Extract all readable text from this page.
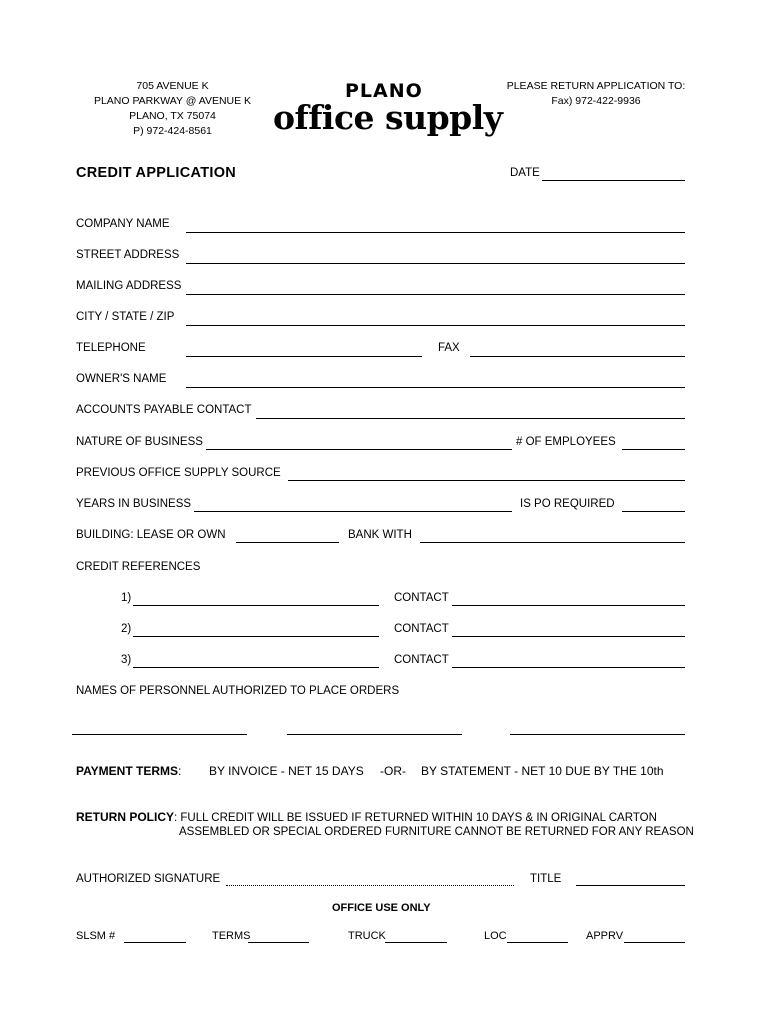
705 AVENUE K
PLANO PARKWAY @ AVENUE K
PLANO, TX 75074
P) 972-424-8561
PLANO
office supply
PLEASE RETURN APPLICATION TO:
Fax) 972-422-9936
CREDIT APPLICATION	DATE
COMPANY NAME
STREET ADDRESS
MAILING ADDRESS
CITY / STATE / ZIP
TELEPHONE	FAX
OWNER'S NAME
ACCOUNTS PAYABLE CONTACT
NATURE OF BUSINESS	# OF EMPLOYEES
PREVIOUS OFFICE SUPPLY SOURCE
YEARS IN BUSINESS	IS PO REQUIRED
BUILDING: LEASE OR OWN	BANK WITH
CREDIT REFERENCES
1)	CONTACT
2)	CONTACT
3)	CONTACT
NAMES OF PERSONNEL AUTHORIZED TO PLACE ORDERS
PAYMENT TERMS: BY INVOICE - NET 15 DAYS -OR- BY STATEMENT - NET 10 DUE BY THE 10th
RETURN POLICY: FULL CREDIT WILL BE ISSUED IF RETURNED WITHIN 10 DAYS & IN ORIGINAL CARTON
ASSEMBLED OR SPECIAL ORDERED FURNITURE CANNOT BE RETURNED FOR ANY REASON
AUTHORIZED SIGNATURE	TITLE
OFFICE USE ONLY
SLSM #	TERMS	TRUCK	LOC	APPRV
